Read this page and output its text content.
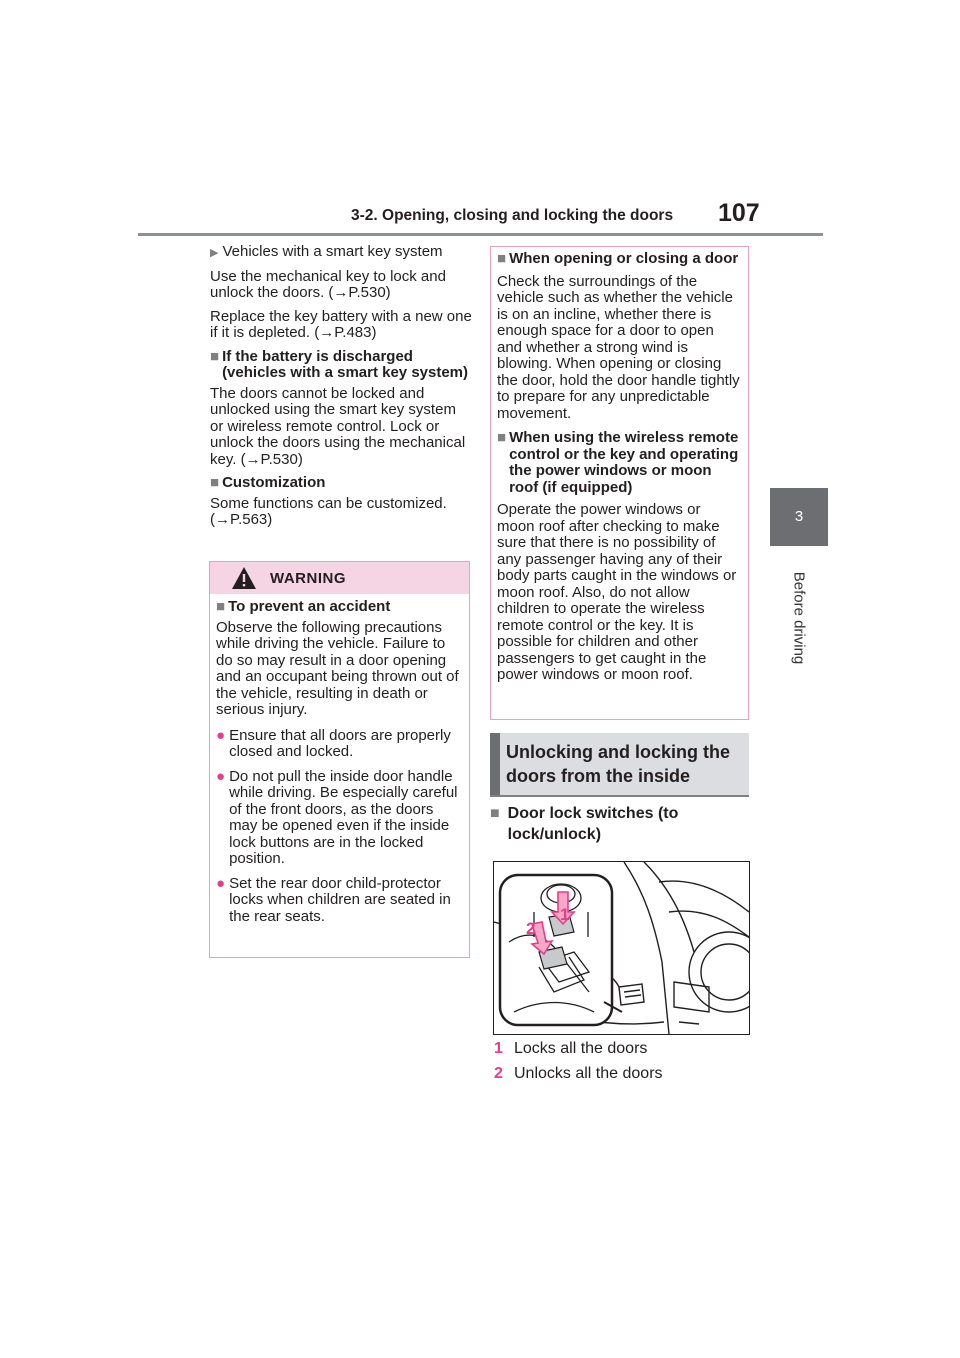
3-2. Opening, closing and locking the doors 107
3
Before driving

▶ Vehicles with a smart key system

Use the mechanical key to lock and unlock the doors. (→P.530)

Replace the key battery with a new one if it is depleted. (→P.483)

■ If the battery is discharged (vehicles with a smart key system)

The doors cannot be locked and unlocked using the smart key system or wireless remote control. Lock or unlock the doors using the mechanical key. (→P.530)

■ Customization

Some functions can be customized. (→P.563)

WARNING
■ To prevent an accident

Observe the following precautions while driving the vehicle. Failure to do so may result in a door opening and an occupant being thrown out of the vehicle, resulting in death or serious injury.

● Ensure that all doors are properly closed and locked.
● Do not pull the inside door handle while driving. Be especially careful of the front doors, as the doors may be opened even if the inside lock buttons are in the locked position.
● Set the rear door child-protector locks when children are seated in the rear seats.
■ When opening or closing a door

Check the surroundings of the vehicle such as whether the vehicle is on an incline, whether there is enough space for a door to open and whether a strong wind is blowing. When opening or closing the door, hold the door handle tightly to prepare for any unpredictable movement.

■ When using the wireless remote control or the key and operating the power windows or moon roof (if equipped)

Operate the power windows or moon roof after checking to make sure that there is no possibility of any passenger having any of their body parts caught in the windows or moon roof. Also, do not allow children to operate the wireless remote control or the key. It is possible for children and other passengers to get caught in the power windows or moon roof.

Unlocking and locking the doors from the inside
■ Door lock switches (to lock/unlock)
1
2
1 Locks all the doors
2 Unlocks all the doors
